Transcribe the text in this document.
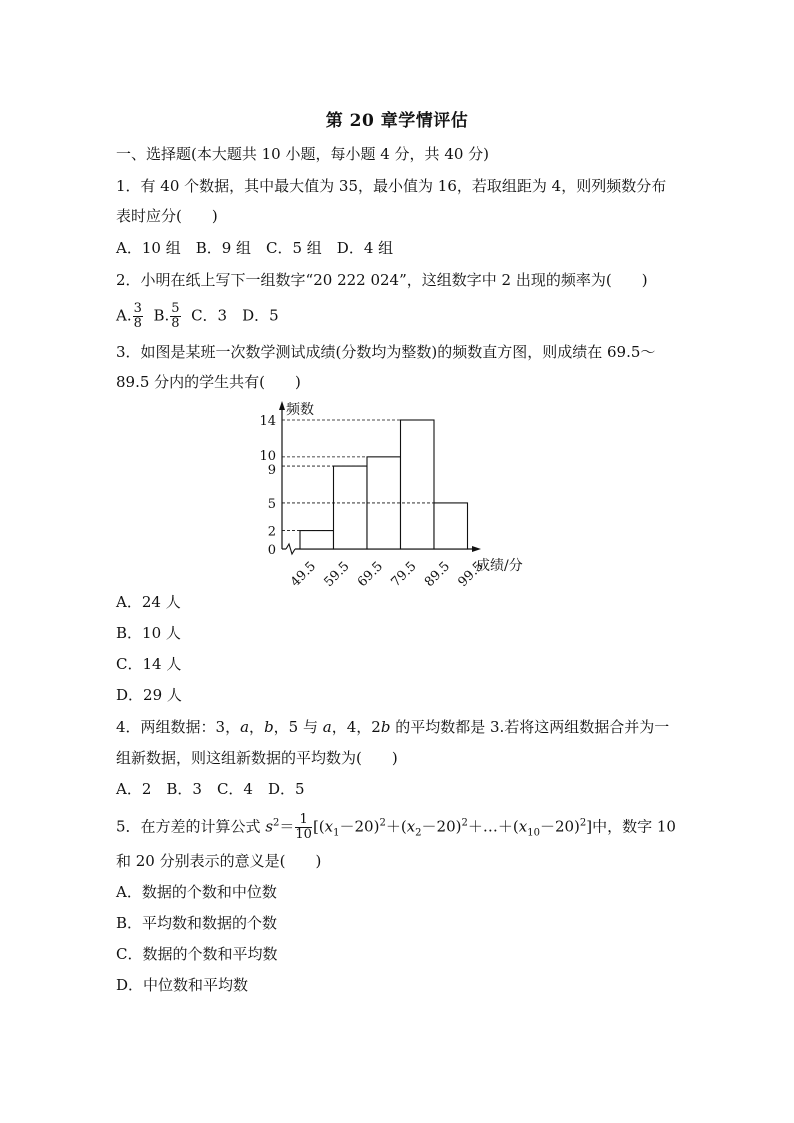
第 20 章学情评估
一、选择题(本大题共 10 小题，每小题 4 分，共 40 分)
1．有 40 个数据，其中最大值为 35，最小值为 16，若取组距为 4，则列频数分布
表时应分(　　)
A．10 组　B．9 组　C．5 组　D．4 组
2．小明在纸上写下一组数字“20 222 024”，这组数字中 2 出现的频率为(　　)
A. $\frac{3}{8} B$. $\frac{5}{8}$ C．3　D．5
3．如图是某班一次数学测试成绩(分数均为整数)的频数直方图，则成绩在 69.5～
89.5 分内的学生共有(　　)
0
2
5
9
10
14
49.5 59.5 69.5 79.5 89.5 99.5
频数
成绩/分
A．24 人
B．10 人
C．14 人
D．29 人
4．两组数据：3，a，b，5 与 a，4，2b 的平均数都是 3.若将这两组数据合并为一
组新数据，则这组新数据的平均数为(　　)
A．2　B．3　C．4　D．5
5．在方差的计算公式 $s^2= \frac{1}{10}$ $[(x_1-20)^2+(x_2-20)^2+\dots+(x_{10}-20)^2]$中，数字 10
和 20 分别表示的意义是(　　)
A．数据的个数和中位数
B．平均数和数据的个数
C．数据的个数和平均数
D．中位数和平均数
